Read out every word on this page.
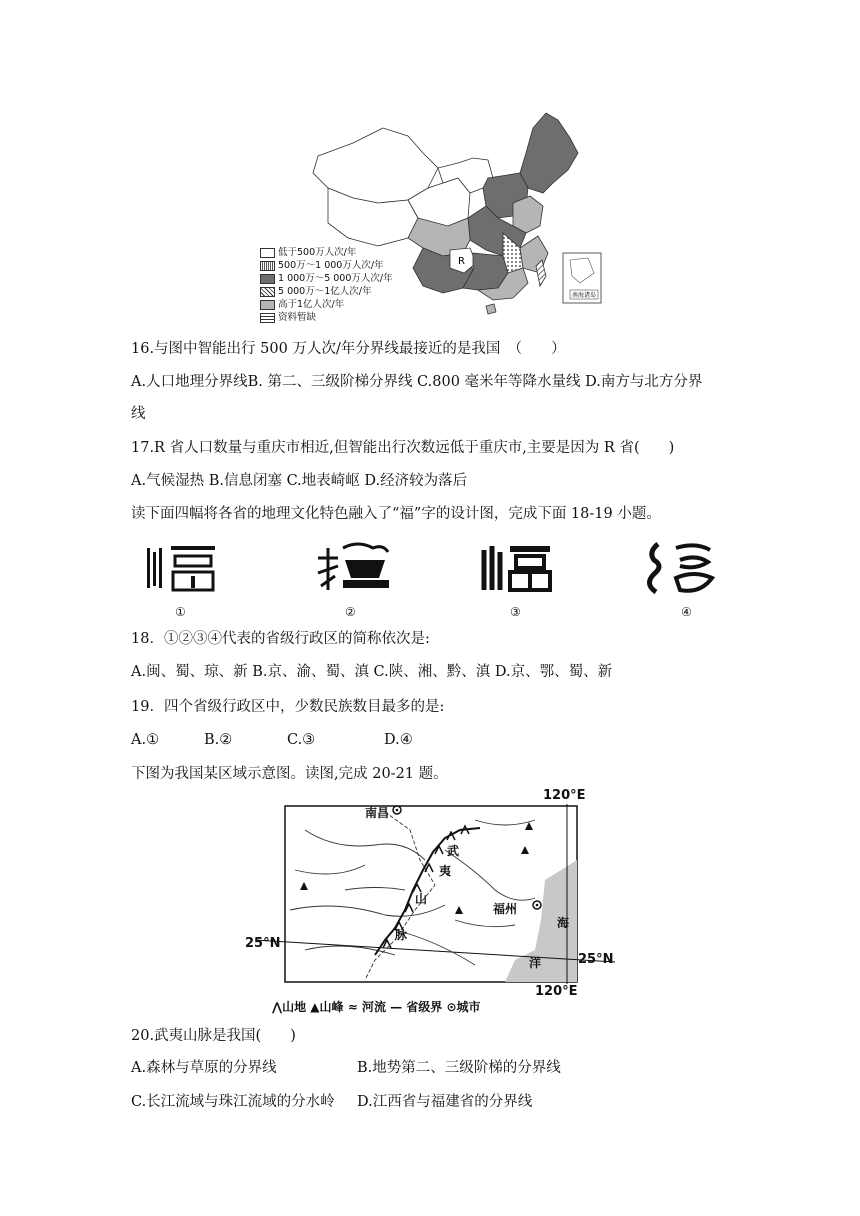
R
南海诸岛
低于500万人次/年
500万～1 000万人次/年
1 000万～5 000万人次/年
5 000万～1亿人次/年
高于1亿人次/年
资料暂缺
16.与图中智能出行 500 万人次/年分界线最接近的是我国　（　　）
A.人口地理分界线B. 第二、三级阶梯分界线 C.800 毫米年等降水量线 D.南方与北方分界
线
17.R 省人口数量与重庆市相近,但智能出行次数远低于重庆市,主要是因为 R 省(　　)
A.气候湿热 B.信息闭塞 C.地表崎岖 D.经济较为落后
读下面四幅将各省的地理文化特色融入了“福”字的设计图，完成下面 18-19 小题。
①	②	③	④
18．①②③④代表的省级行政区的简称依次是:
A.闽、蜀、琼、新 B.京、渝、蜀、滇 C.陕、湘、黔、滇 D.京、鄂、蜀、新
19．四个省级行政区中，少数民族数目最多的是:
A.①	B.②	C.③	D.④
下图为我国某区域示意图。读图,完成 20-21 题。
南昌
福州
120°E
120°E
25°N
25°N
武
夷
山
脉
海
洋
⋀山地 ▲山峰 ≈ 河流 — 省级界 ⊙城市
20.武夷山脉是我国(　　)
A.森林与草原的分界线	B.地势第二、三级阶梯的分界线
C.长江流域与珠江流域的分水岭 D.江西省与福建省的分界线
